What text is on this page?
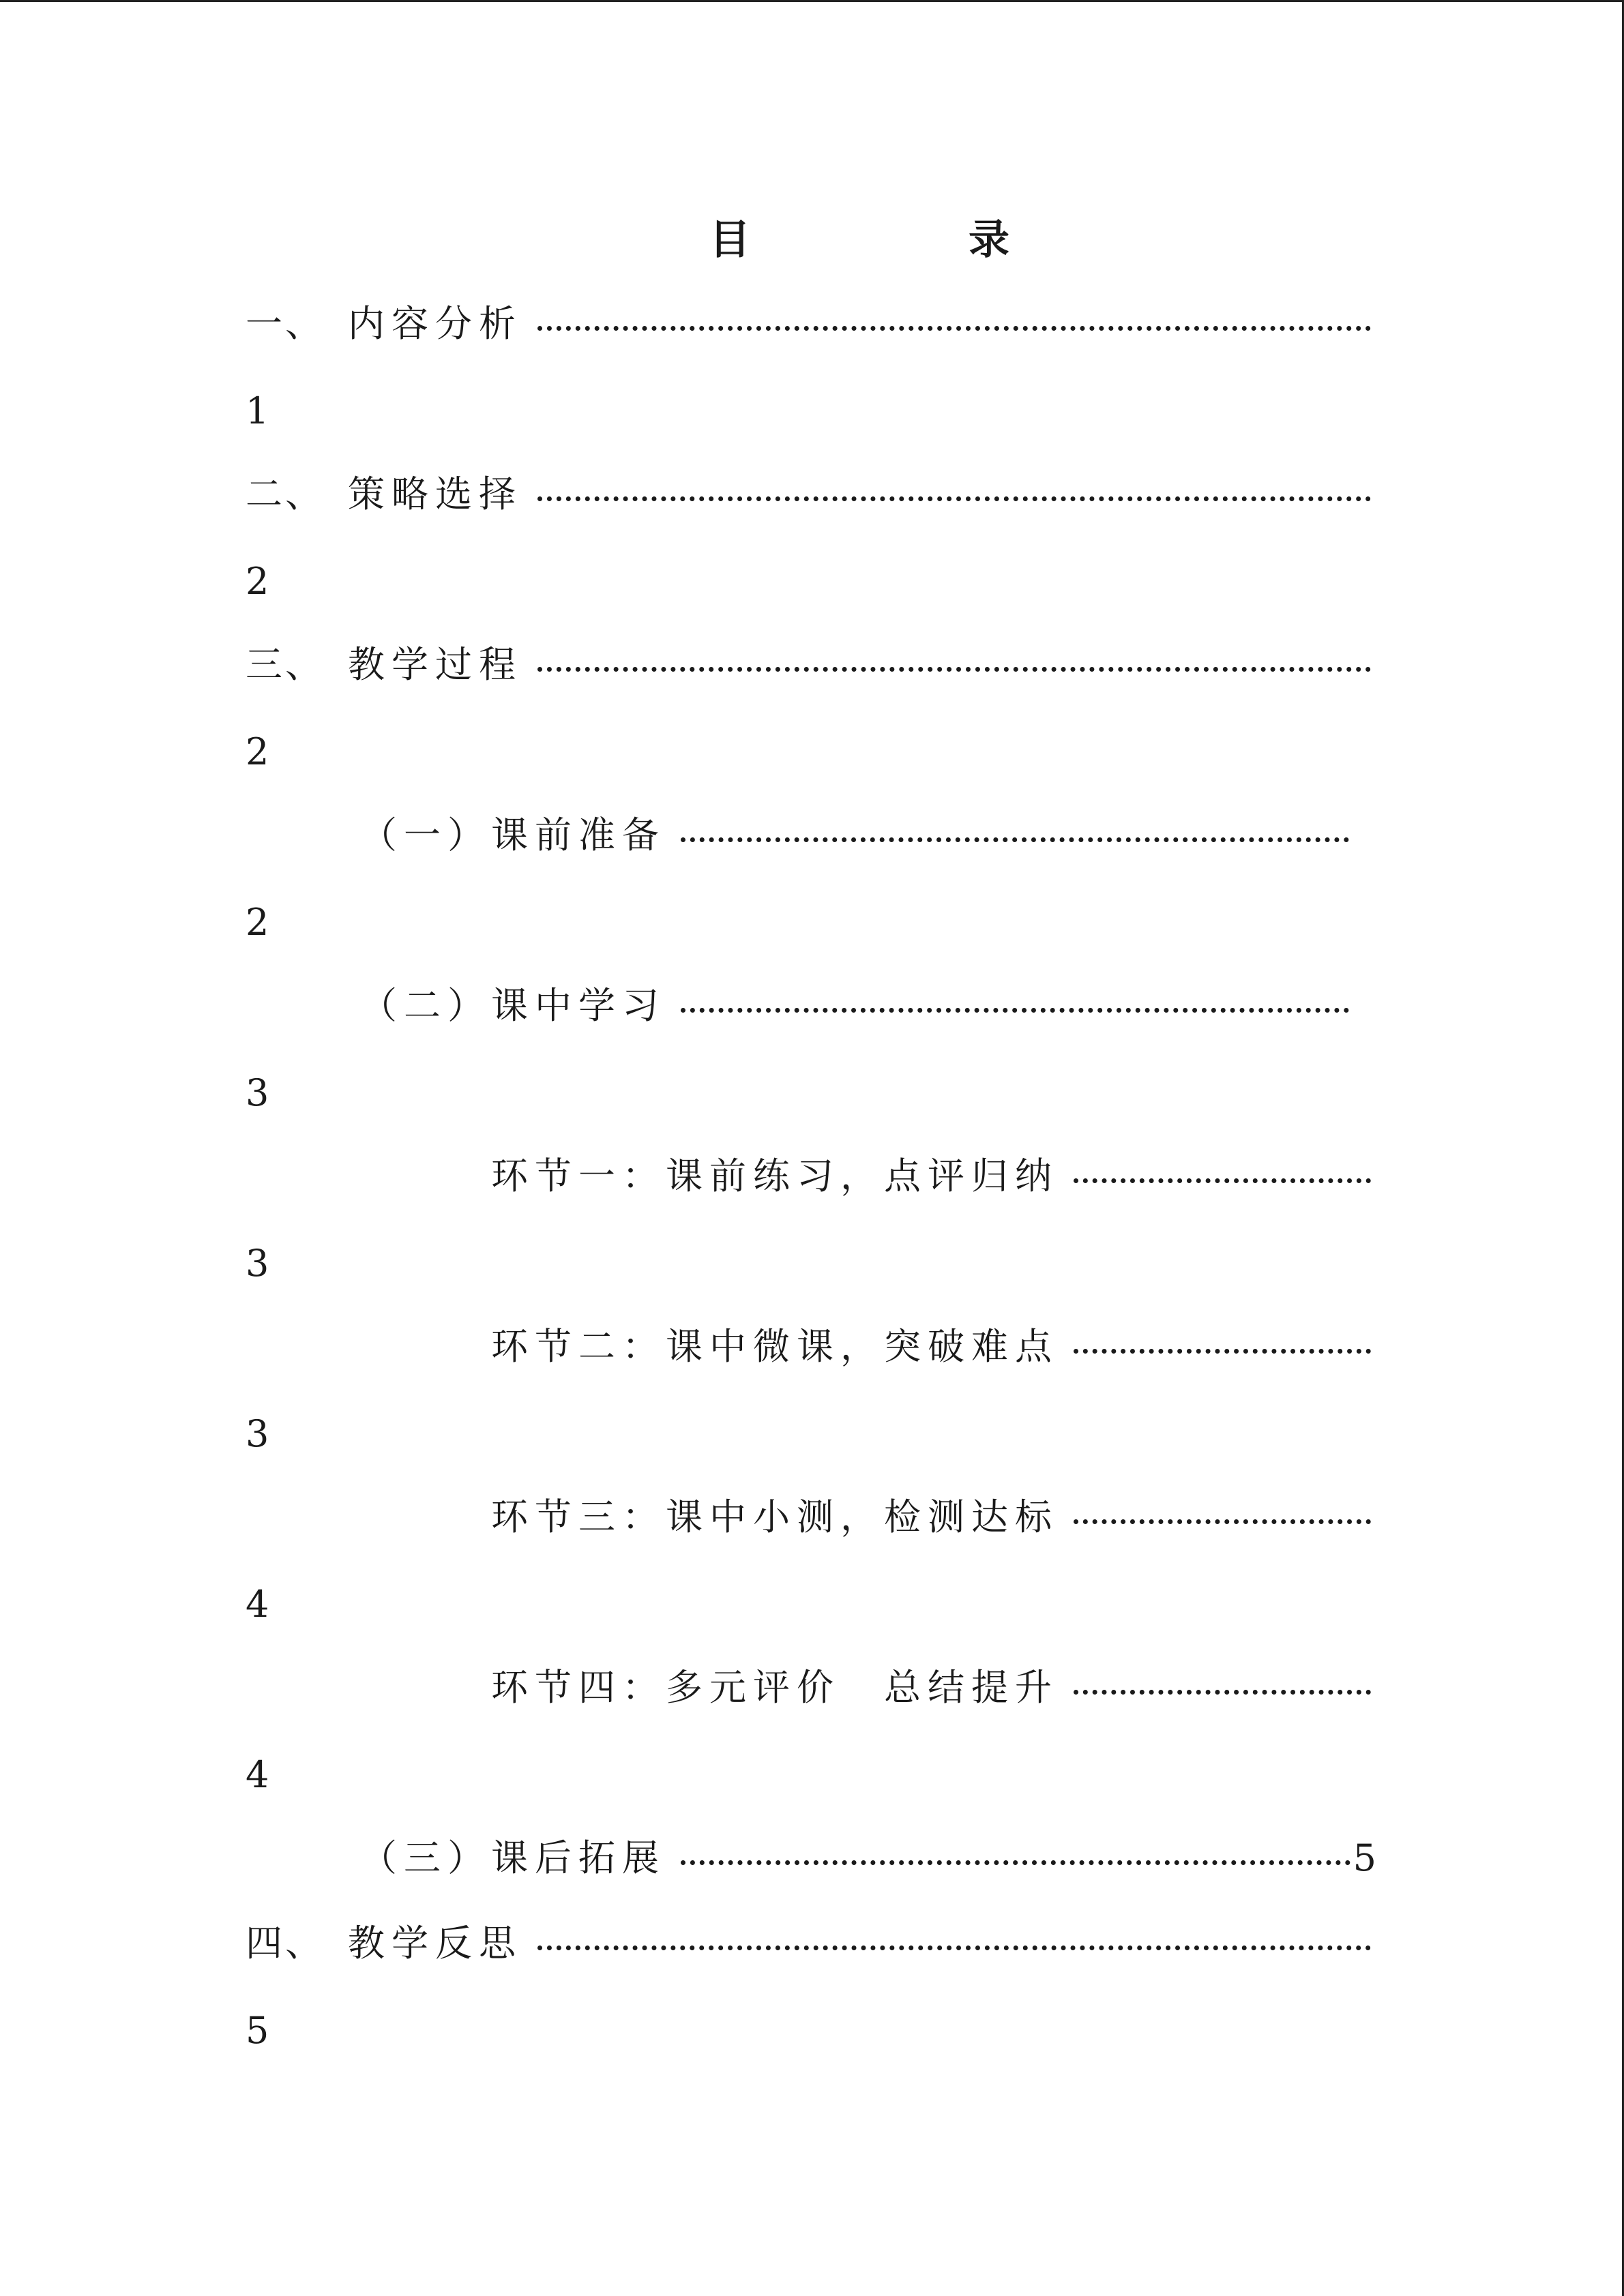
目	录
一、 内容分析
1
二、 策略选择
2
三、 教学过程
2
（一）课前准备
2
（二）课中学习
3
环节一：课前练习，点评归纳
3
环节二：课中微课，突破难点
3
环节三：课中小测，检测达标
4
环节四：多元评价　总结提升
4
（三）课后拓展	5
四、 教学反思
5
